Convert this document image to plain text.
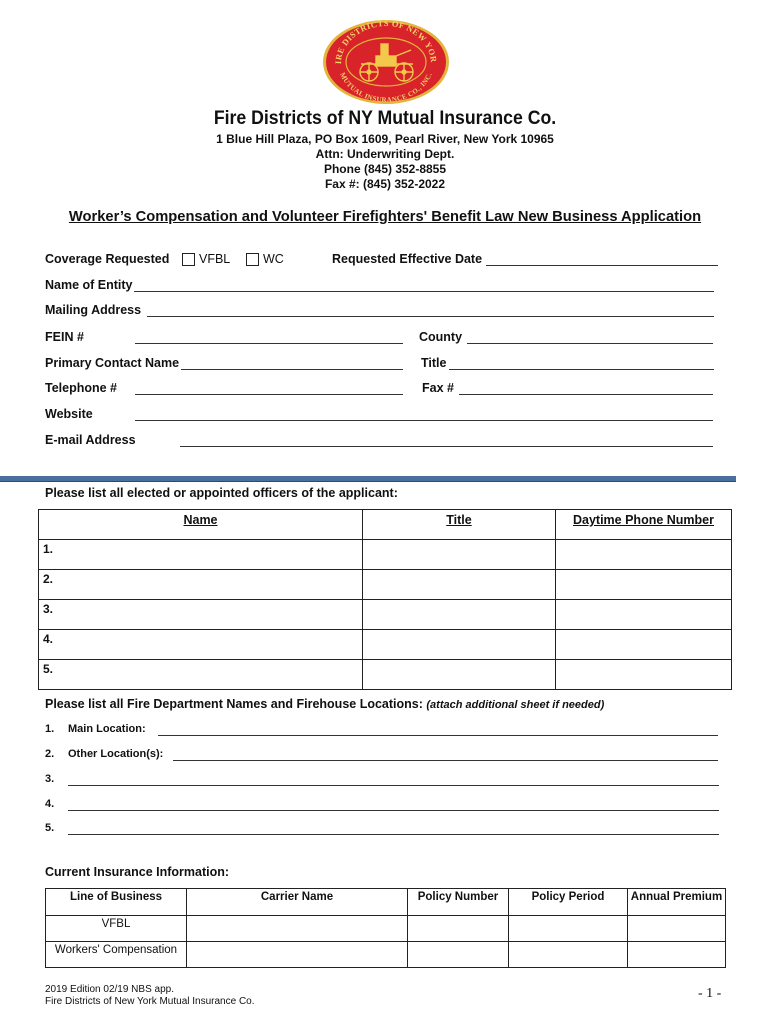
IRE DISTRICTS OF NEW YOR
MUTUAL INSURANCE CO., INC.
Fire Districts of NY Mutual Insurance Co.
1 Blue Hill Plaza, PO Box 1609, Pearl River, New York 10965
Attn: Underwriting Dept.
Phone (845) 352-8855
Fax #: (845) 352-2022
Worker’s Compensation and Volunteer Firefighters' Benefit Law New Business Application
Coverage Requested VFBL	WC	Requested Effective Date
Name of Entity
Mailing Address
FEIN #	County
Primary Contact Name	Title
Telephone #	Fax #
Website
E-mail Address
Please list all elected or appointed officers of the applicant:
Name	Title	Daytime Phone Number
1.		
2.		
3.		
4.		
5.		
Please list all Fire Department Names and Firehouse Locations: (attach additional sheet if needed)
1. Main Location:
2. Other Location(s):
3.
4.
5.
Current Insurance Information:
Line of Business	Carrier Name	Policy Number	Policy Period	Annual Premium
VFBL				
Workers' Compensation				
2019 Edition 02/19 NBS app.
Fire Districts of New York Mutual Insurance Co.
- 1 -
